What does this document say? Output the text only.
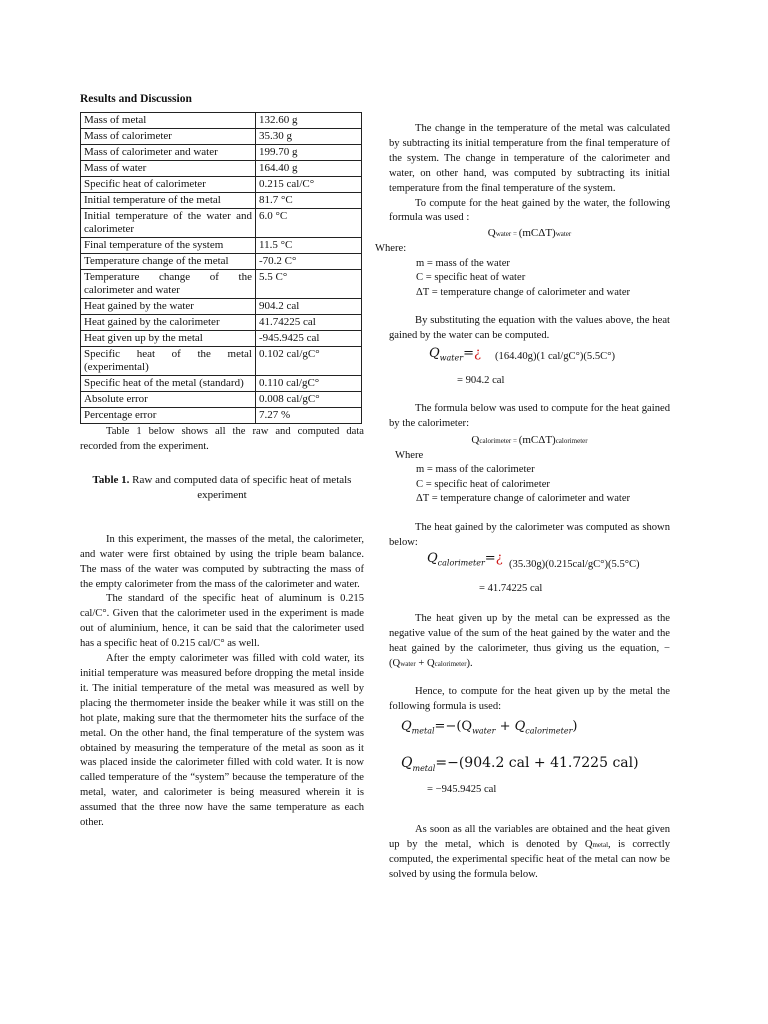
Results and Discussion
Mass of metal	132.60 g
Mass of calorimeter	35.30 g
Mass of calorimeter and water	199.70 g
Mass of water	164.40 g
Specific heat of calorimeter	0.215 cal/C°
Initial temperature of the metal	81.7 °C
Initial temperature of the water and calorimeter	6.0 °C
Final temperature of the system	11.5 °C
Temperature change of the metal	-70.2 C°
Temperature change of the calorimeter and water	5.5 C°
Heat gained by the water	904.2 cal
Heat gained by the calorimeter	41.74225 cal
Heat given up by the metal	-945.9425 cal
Specific heat of the metal (experimental)	0.102 cal/gC°
Specific heat of the metal (standard)	0.110 cal/gC°
Absolute error	0.008 cal/gC°
Percentage error	7.27 %

Table 1 below shows all the raw and computed data recorded from the experiment.

Table 1. Raw and computed data of specific heat of metals experiment

In this experiment, the masses of the metal, the calorimeter, and water were first obtained by using the triple beam balance. The mass of the water was computed by subtracting the mass of the empty calorimeter from the mass of the calorimeter and water.

The standard of the specific heat of aluminum is 0.215 cal/C°. Given that the calorimeter used in the experiment is made out of aluminium, hence, it can be said that the calorimeter used has a specific heat of 0.215 cal/C° as well.

After the empty calorimeter was filled with cold water, its initial temperature was measured before dropping the metal inside it. The initial temperature of the metal was measured as well by placing the thermometer inside the beaker while it was still on the hot plate, making sure that the thermometer hits the surface of the metal. On the other hand, the final temperature of the system was obtained by measuring the temperature of the metal as soon as it was placed inside the calorimeter filled with cold water. It is now called temperature of the “system” because the temperature of the metal, water, and calorimeter is being measured wherein it is assumed that the three now have the same temperature as each other.

The change in the temperature of the metal was calculated by subtracting its initial temperature from the final temperature of the system. The change in temperature of the calorimeter and water, on other hand, was computed by subtracting its initial temperature from the final temperature of the system.

To compute for the heat gained by the water, the following formula was used :

Qwater = (mCΔT)water
Where:
m = mass of the water
C = specific heat of water
ΔT = temperature change of calorimeter and water

By substituting the equation with the values above, the heat gained by the water can be computed.

$Q_{water}=¿$ (164.40g)(1 cal/gC°)(5.5C°)
= 904.2 cal

The formula below was used to compute for the heat gained by the calorimeter:

Qcalorimeter = (mCΔT)calorimeter
Where
m = mass of the calorimeter
C = specific heat of calorimeter
ΔT = temperature change of calorimeter and water

The heat gained by the calorimeter was computed as shown below:

$Q_{calorimeter}=¿$ (35.30g)(0.215cal/gC°)(5.5°C)
= 41.74225 cal

The heat given up by the metal can be expressed as the negative value of the sum of the heat gained by the water and the heat gained by the calorimeter, thus giving us the equation, −(Qwater + Qcalorimeter).

Hence, to compute for the heat given up by the metal the following formula is used:

$Q_{metal}=-(Q_{water} + Q_{calorimeter})$
$Q_{metal}=-(904.2$ cal + 41.7225 cal)
= −945.9425 cal

As soon as all the variables are obtained and the heat given up by the metal, which is denoted by Qmetal, is correctly computed, the experimental specific heat of the metal can now be solved by using the formula below.
